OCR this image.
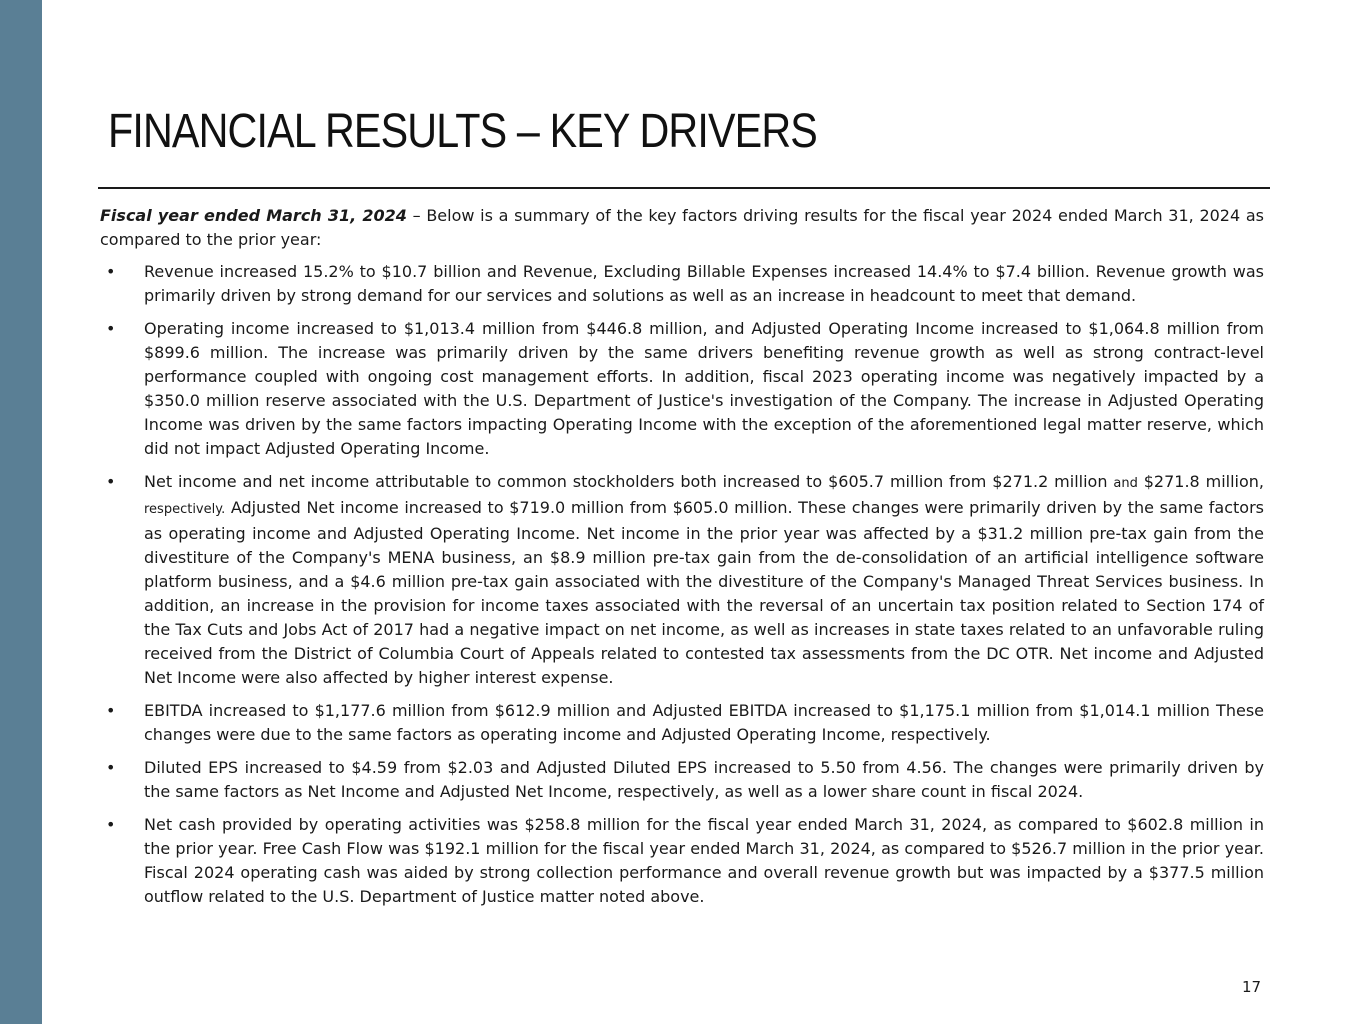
FINANCIAL RESULTS – KEY DRIVERS

Fiscal year ended March 31, 2024 – Below is a summary of the key factors driving results for the fiscal year 2024 ended March 31, 2024 as compared to the prior year:

• Revenue increased 15.2% to $10.7 billion and Revenue, Excluding Billable Expenses increased 14.4% to $7.4 billion. Revenue growth was primarily driven by strong demand for our services and solutions as well as an increase in headcount to meet that demand.
• Operating income increased to $1,013.4 million from $446.8 million, and Adjusted Operating Income increased to $1,064.8 million from $899.6 million. The increase was primarily driven by the same drivers benefiting revenue growth as well as strong contract-level performance coupled with ongoing cost management efforts. In addition, fiscal 2023 operating income was negatively impacted by a $350.0 million reserve associated with the U.S. Department of Justice's investigation of the Company. The increase in Adjusted Operating Income was driven by the same factors impacting Operating Income with the exception of the aforementioned legal matter reserve, which did not impact Adjusted Operating Income.
• Net income and net income attributable to common stockholders both increased to $605.7 million from $271.2 million and $271.8 million, respectively. Adjusted Net income increased to $719.0 million from $605.0 million. These changes were primarily driven by the same factors as operating income and Adjusted Operating Income. Net income in the prior year was affected by a $31.2 million pre-tax gain from the divestiture of the Company's MENA business, an $8.9 million pre-tax gain from the de-consolidation of an artificial intelligence software platform business, and a $4.6 million pre-tax gain associated with the divestiture of the Company's Managed Threat Services business. In addition, an increase in the provision for income taxes associated with the reversal of an uncertain tax position related to Section 174 of the Tax Cuts and Jobs Act of 2017 had a negative impact on net income, as well as increases in state taxes related to an unfavorable ruling received from the District of Columbia Court of Appeals related to contested tax assessments from the DC OTR. Net income and Adjusted Net Income were also affected by higher interest expense.
• EBITDA increased to $1,177.6 million from $612.9 million and Adjusted EBITDA increased to $1,175.1 million from $1,014.1 million These changes were due to the same factors as operating income and Adjusted Operating Income, respectively.
• Diluted EPS increased to $4.59 from $2.03 and Adjusted Diluted EPS increased to 5.50 from 4.56. The changes were primarily driven by the same factors as Net Income and Adjusted Net Income, respectively, as well as a lower share count in fiscal 2024.
• Net cash provided by operating activities was $258.8 million for the fiscal year ended March 31, 2024, as compared to $602.8 million in the prior year. Free Cash Flow was $192.1 million for the fiscal year ended March 31, 2024, as compared to $526.7 million in the prior year. Fiscal 2024 operating cash was aided by strong collection performance and overall revenue growth but was impacted by a $377.5 million outflow related to the U.S. Department of Justice matter noted above.
17
